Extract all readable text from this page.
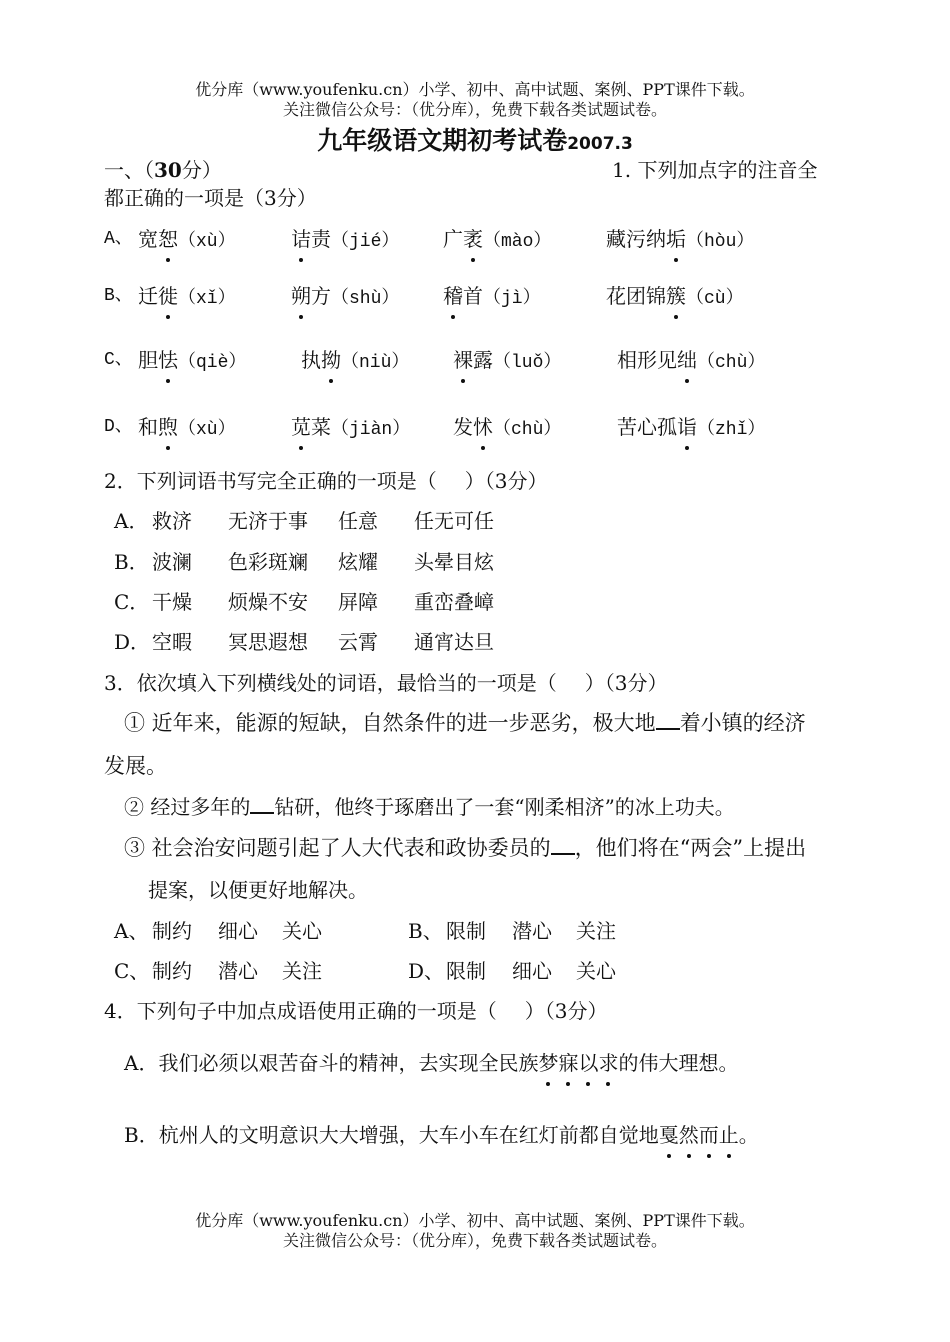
优分库（www.youfenku.cn）小学、初中、高中试题、案例、PPT课件下载。
关注微信公众号：（优分库），免费下载各类试题试卷。
九年级语文期初考试卷2007.3
一、（30分）	1. 下列加点字的注音全
都正确的一项是（3分）
A、 宽恕（xù）	诘责（jié） 广袤（mào）	藏污纳垢（hòu）
B、 迁徙（xǐ）	朔方（shù） 稽首（jì）	花团锦簇（cù）
C、 胆怯（qiè）	执拗（niù） 裸露（luǒ）	相形见绌（chù）
D、 和煦（xù）	苋菜（jiàn） 发怵（chù）	苦心孤诣（zhǐ）
2．下列词语书写完全正确的一项是（ ）（3分）
A． 救济 无济于事 任意 任无可任
B． 波澜 色彩斑斓 炫耀 头晕目炫
C． 干燥 烦燥不安 屏障 重峦叠嶂
D． 空暇 冥思遐想 云霄 通宵达旦
3．依次填入下列横线处的词语，最恰当的一项是（ ）（3分）
① 近年来，能源的短缺，自然条件的进一步恶劣，极大地 着小镇的经济
发展。
② 经过多年的 钻研，他终于琢磨出了一套“刚柔相济”的冰上功夫。
③ 社会治安问题引起了人大代表和政协委员的 ，他们将在“两会”上提出
提案，以便更好地解决。
A、 制约 细心 关心	B、 限制 潜心 关注
C、 制约 潜心 关注	D、 限制 细心 关心
4．下列句子中加点成语使用正确的一项是（ ）（3分）
A．我们必须以艰苦奋斗的精神，去实现全民族梦寐以求的伟大理想。
B．杭州人的文明意识大大增强，大车小车在红灯前都自觉地戛然而止。
优分库（www.youfenku.cn）小学、初中、高中试题、案例、PPT课件下载。
关注微信公众号：（优分库），免费下载各类试题试卷。
